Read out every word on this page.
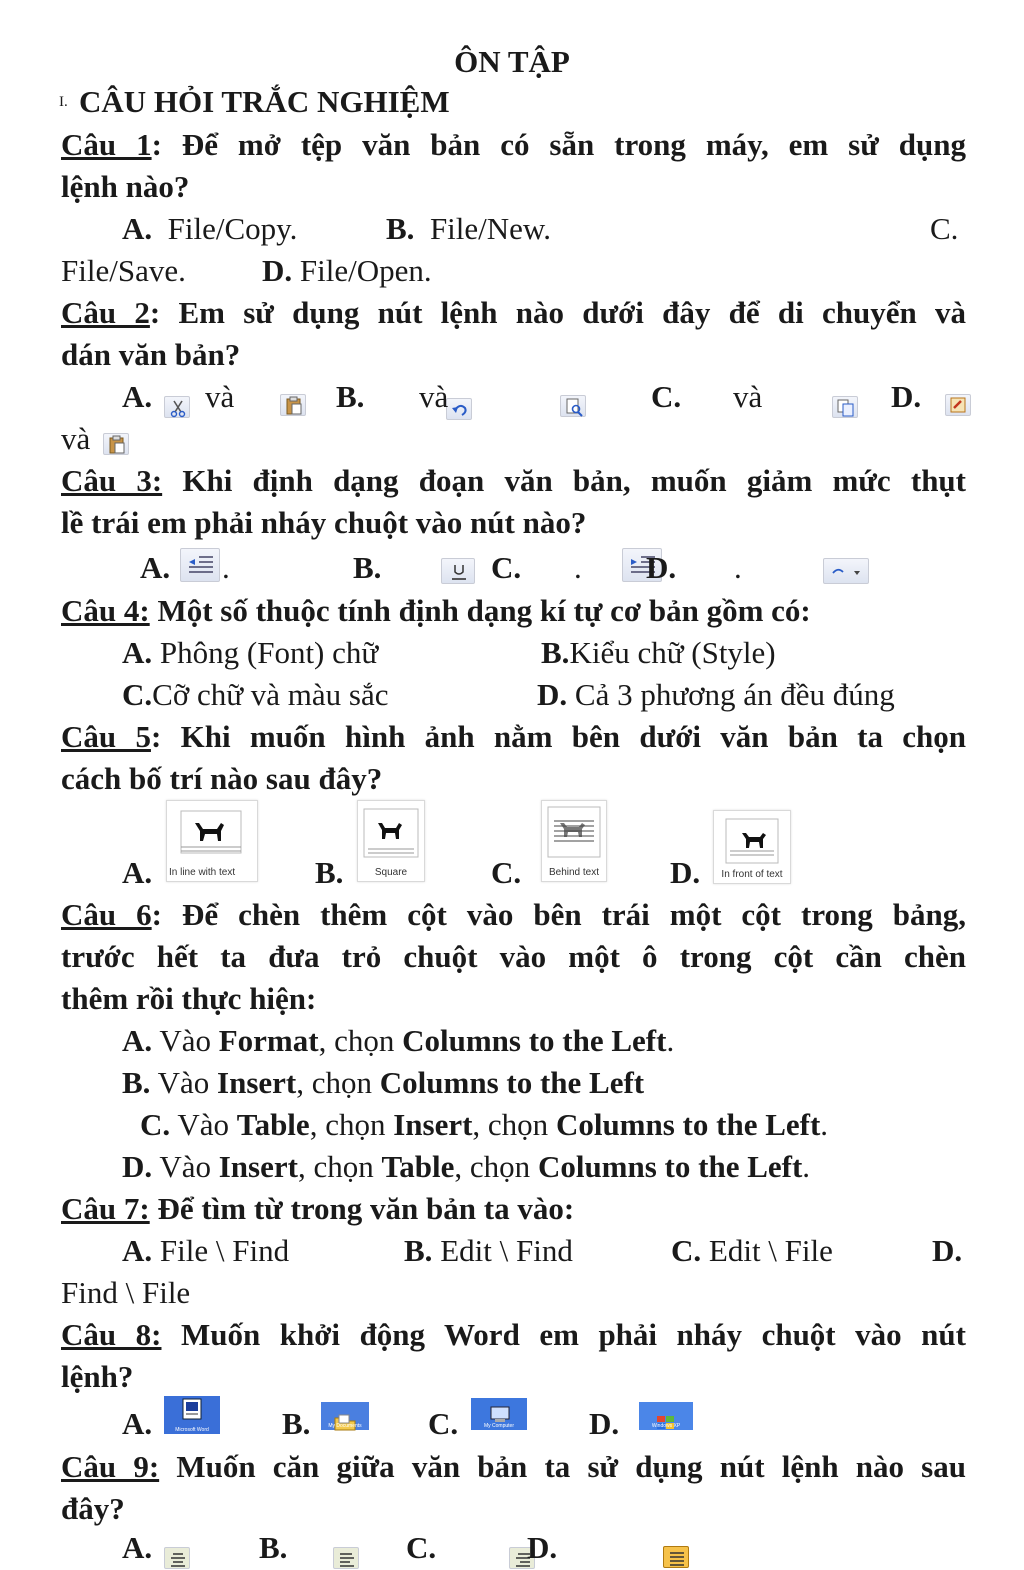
ÔN TẬP
I. CÂU HỎI TRẮC NGHIỆM
Câu 1: Để mở tệp văn bản có sẵn trong máy, em sử dụng
lệnh nào?
A. File/Copy.	B. File/New.	C.
File/Save. D. File/Open.
Câu 2: Em sử dụng nút lệnh nào dưới đây để di chuyển và
dán văn bản?
A.
và
	B.
và
	C.
và
	D.
và
Câu 3: Khi định dạng đoạn văn bản, muốn giảm mức thụt
lề trái em phải nháy chuột vào nút nào?
A.
.	B.
	C.
. D. .
Câu 4: Một số thuộc tính định dạng kí tự cơ bản gồm có:
A. Phông (Font) chữ	B.Kiểu chữ (Style)
C.Cỡ chữ và màu sắc	D. Cả 3 phương án đều đúng
Câu 5: Khi muốn hình ảnh nằm bên dưới văn bản ta chọn
cách bố trí nào sau đây?
A. In line with text	B.	Square	C.	Behind text D.	In front of text
Câu 6: Để chèn thêm cột vào bên trái một cột trong bảng,
trước hết ta đưa trỏ chuột vào một ô trong cột cần chèn
thêm rồi thực hiện:
A. Vào Format, chọn Columns to the Left.
B. Vào Insert, chọn Columns to the Left
C. Vào Table, chọn Insert, chọn Columns to the Left.
D. Vào Insert, chọn Table, chọn Columns to the Left.
Câu 7: Để tìm từ trong văn bản ta vào:
A. File \ Find	B. Edit \ Find	C. Edit \ File	D.
Find \ File
Câu 8: Muốn khởi động Word em phải nháy chuột vào nút
lệnh?
A.	Microsoft Word	B.	My Documents C.	My Computer	D.	Windows XP
Câu 9: Muốn căn giữa văn bản ta sử dụng nút lệnh nào sau
đây?
A.
	B.
	C.
	D.
